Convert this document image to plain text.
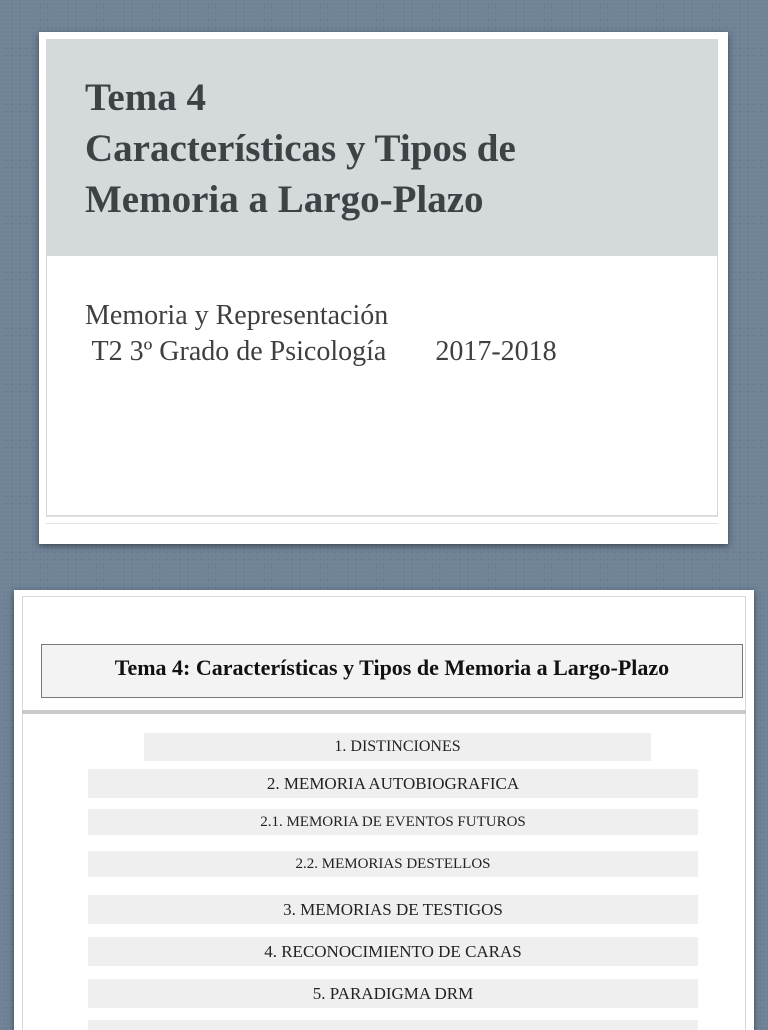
Tema 4
Características y Tipos de
Memoria a Largo-Plazo
Memoria y Representación
T2 3º Grado de Psicología       2017-2018
Tema 4: Características y Tipos de Memoria a Largo-Plazo
1. DISTINCIONES
2. MEMORIA AUTOBIOGRAFICA
2.1. MEMORIA DE EVENTOS FUTUROS
2.2. MEMORIAS DESTELLOS
3. MEMORIAS DE TESTIGOS
4. RECONOCIMIENTO DE CARAS
5. PARADIGMA DRM
